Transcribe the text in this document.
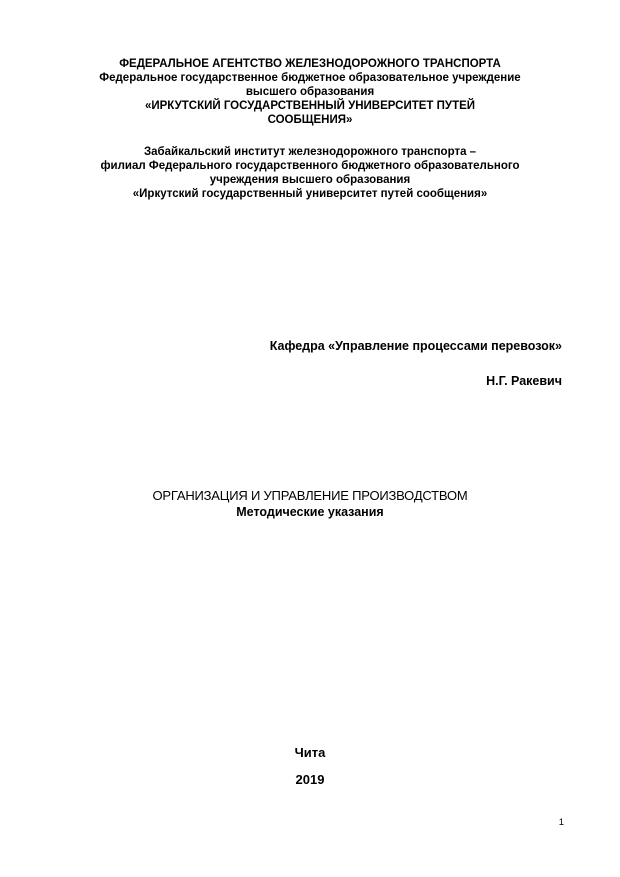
ФЕДЕРАЛЬНОЕ АГЕНТСТВО ЖЕЛЕЗНОДОРОЖНОГО ТРАНСПОРТА
Федеральное государственное бюджетное образовательное учреждение
высшего образования
«ИРКУТСКИЙ ГОСУДАРСТВЕННЫЙ УНИВЕРСИТЕТ ПУТЕЙ
СООБЩЕНИЯ»
Забайкальский институт железнодорожного транспорта –
филиал Федерального государственного бюджетного образовательного
учреждения высшего образования
«Иркутский государственный университет путей сообщения»
Кафедра «Управление процессами перевозок»
Н.Г. Ракевич
ОРГАНИЗАЦИЯ И УПРАВЛЕНИЕ ПРОИЗВОДСТВОМ
Методические указания
Чита
2019
1
